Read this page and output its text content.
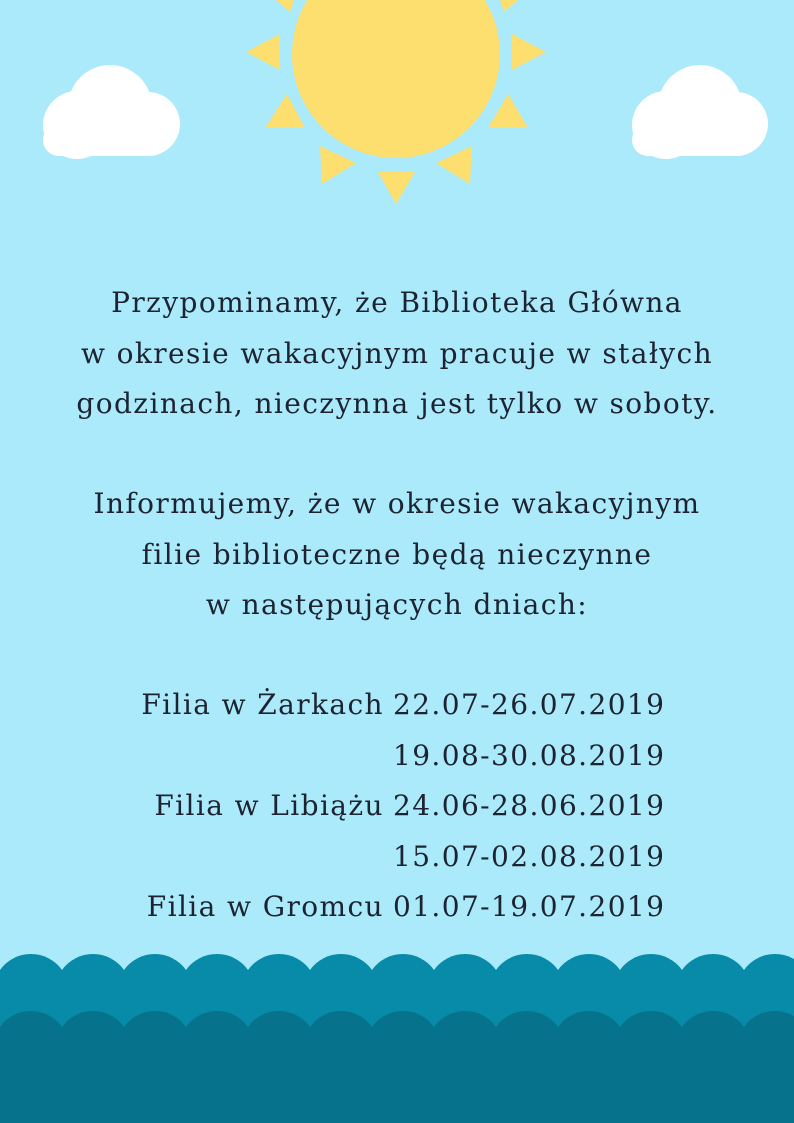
Przypominamy, że Biblioteka Główna
w okresie wakacyjnym pracuje w stałych
godzinach, nieczynna jest tylko w soboty.
Informujemy, że w okresie wakacyjnym
filie biblioteczne będą nieczynne
w następujących dniach:
Filia w Żarkach 22.07-26.07.2019
19.08-30.08.2019
Filia w Libiążu 24.06-28.06.2019
15.07-02.08.2019
Filia w Gromcu 01.07-19.07.2019
